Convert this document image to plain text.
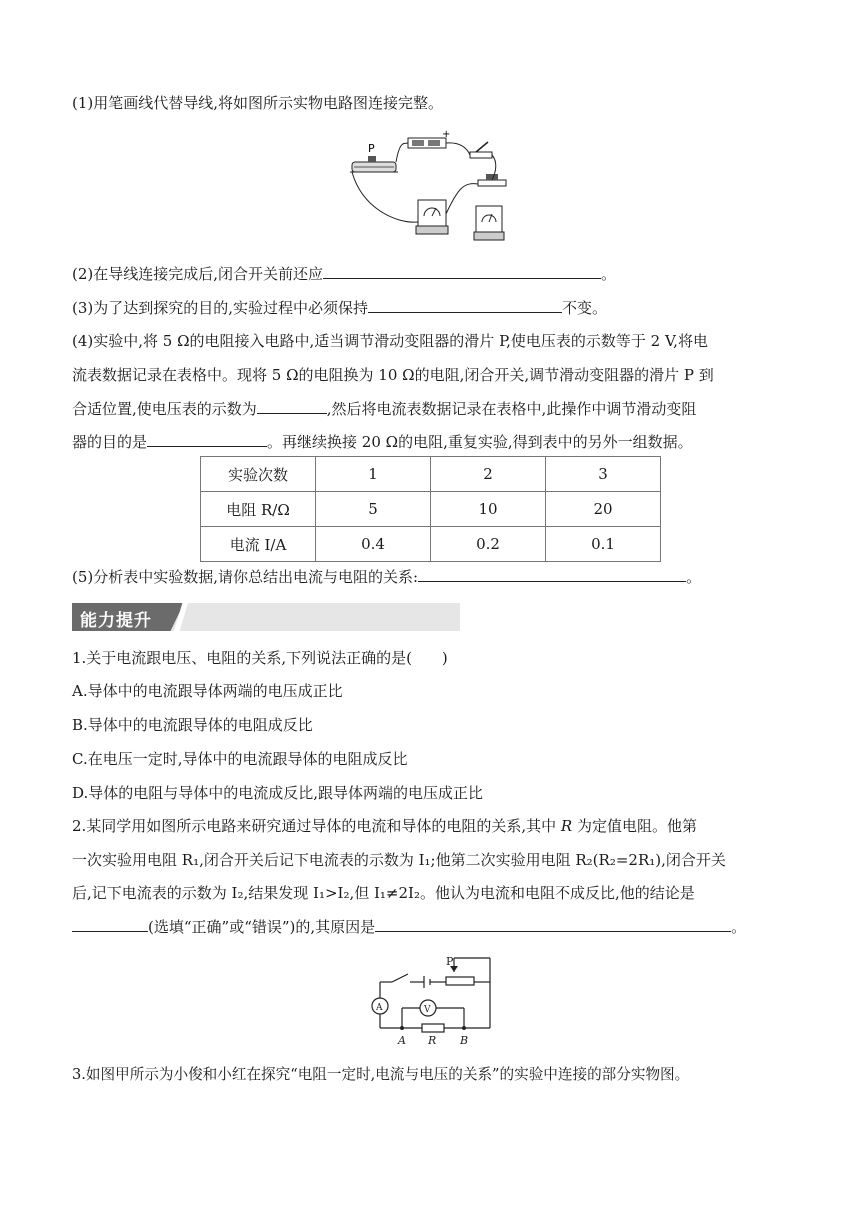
(1)用笔画线代替导线,将如图所示实物电路图连接完整。
+
P
(2)在导线连接完成后,闭合开关前还应	。
(3)为了达到探究的目的,实验过程中必须保持	不变。
(4)实验中,将 5 Ω的电阻接入电路中,适当调节滑动变阻器的滑片 P,使电压表的示数等于 2 V,将电
流表数据记录在表格中。现将 5 Ω的电阻换为 10 Ω的电阻,闭合开关,调节滑动变阻器的滑片 P 到
合适位置,使电压表的示数为	,然后将电流表数据记录在表格中,此操作中调节滑动变阻
器的目的是	。再继续换接 20 Ω的电阻,重复实验,得到表中的另外一组数据。
实验次数	1	2	3
电阻 R/Ω	5	10	20
电流 I/A	0.4	0.2	0.1
(5)分析表中实验数据,请你总结出电流与电阻的关系:	。
能力提升
1.关于电流跟电压、电阻的关系,下列说法正确的是(　　)
A.导体中的电流跟导体两端的电压成正比
B.导体中的电流跟导体的电阻成反比
C.在电压一定时,导体中的电流跟导体的电阻成反比
D.导体的电阻与导体中的电流成反比,跟导体两端的电压成正比
2.某同学用如图所示电路来研究通过导体的电流和导体的电阻的关系,其中 R 为定值电阻。他第
一次实验用电阻 R₁,闭合开关后记下电流表的示数为 I₁;他第二次实验用电阻 R₂(R₂=2R₁),闭合开关
后,记下电流表的示数为 I₂,结果发现 I₁>I₂,但 I₁≠2I₂。他认为电流和电阻不成反比,他的结论是
(选填“正确”或“错误”)的,其原因是	。
P
A	V
A R B
3.如图甲所示为小俊和小红在探究“电阻一定时,电流与电压的关系”的实验中连接的部分实物图。
